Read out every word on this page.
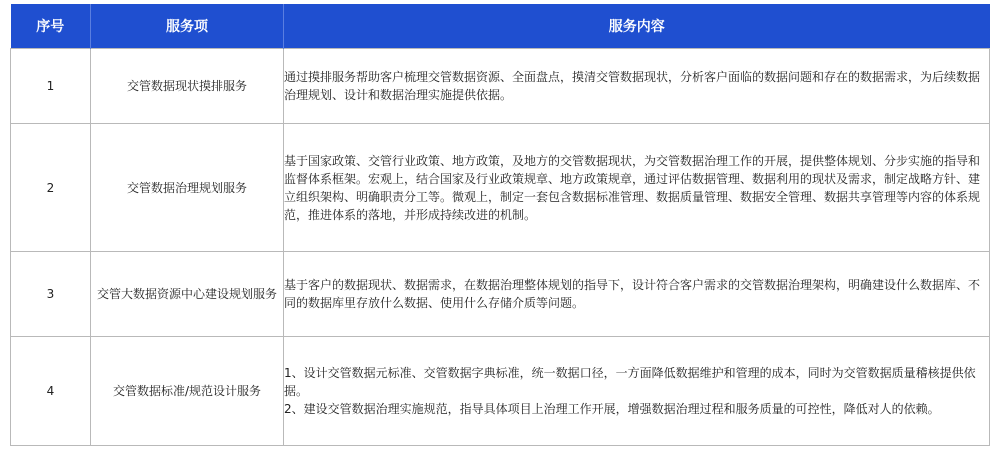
序号	服务项	服务内容
1	交管数据现状摸排服务	通过摸排服务帮助客户梳理交管数据资源、全面盘点，摸清交管数据现状，分析客户面临的数据问题和存在的数据需求，为后续数据治理规划、设计和数据治理实施提供依据。

2	交管数据治理规划服务	基于国家政策、交管行业政策、地方政策，及地方的交管数据现状，为交管数据治理工作的开展，提供整体规划、分步实施的指导和监督体系框架。宏观上，结合国家及行业政策规章、地方政策规章，通过评估数据管理、数据利用的现状及需求，制定战略方针、建立组织架构、明确职责分工等。微观上，制定一套包含数据标准管理、数据质量管理、数据安全管理、数据共享管理等内容的体系规范，推进体系的落地，并形成持续改进的机制。

3	交管大数据资源中心建设规划服务	基于客户的数据现状、数据需求，在数据治理整体规划的指导下，设计符合客户需求的交管数据治理架构，明确建设什么数据库、不同的数据库里存放什么数据、使用什么存储介质等问题。

4	交管数据标准/规范设计服务	1、设计交管数据元标准、交管数据字典标准，统一数据口径，一方面降低数据维护和管理的成本，同时为交管数据质量稽核提供依据。
2、建设交管数据治理实施规范，指导具体项目上治理工作开展，增强数据治理过程和服务质量的可控性，降低对人的依赖。
